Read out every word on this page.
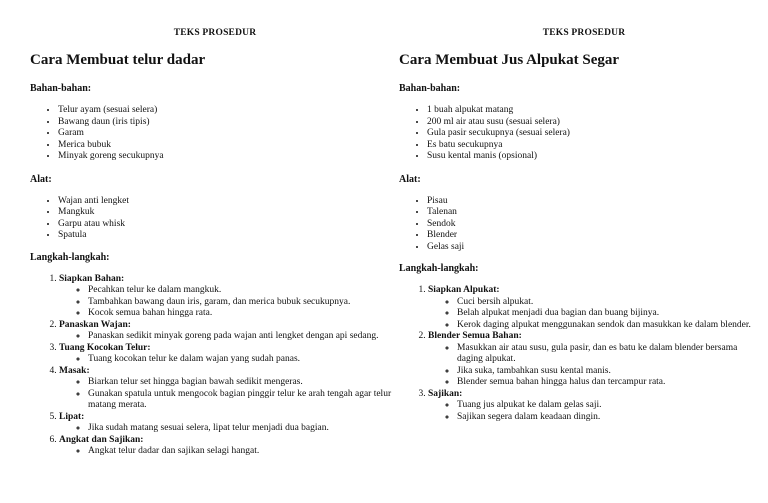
TEKS PROSEDUR
Cara Membuat telur dadar
Bahan-bahan:
• Telur ayam (sesuai selera)
• Bawang daun (iris tipis)
• Garam
• Merica bubuk
• Minyak goreng secukupnya
Alat:
• Wajan anti lengket
• Mangkuk
• Garpu atau whisk
• Spatula
Langkah-langkah:
1. Siapkan Bahan:
◦ Pecahkan telur ke dalam mangkuk.
◦ Tambahkan bawang daun iris, garam, dan merica bubuk secukupnya.
◦ Kocok semua bahan hingga rata.
2. Panaskan Wajan:
◦ Panaskan sedikit minyak goreng pada wajan anti lengket dengan api sedang.
3. Tuang Kocokan Telur:
◦ Tuang kocokan telur ke dalam wajan yang sudah panas.
4. Masak:
◦ Biarkan telur set hingga bagian bawah sedikit mengeras.
◦ Gunakan spatula untuk mengocok bagian pinggir telur ke arah tengah agar telur matang merata.
5. Lipat:
◦ Jika sudah matang sesuai selera, lipat telur menjadi dua bagian.
6. Angkat dan Sajikan:
◦ Angkat telur dadar dan sajikan selagi hangat.
TEKS PROSEDUR
Cara Membuat Jus Alpukat Segar
Bahan-bahan:
• 1 buah alpukat matang
• 200 ml air atau susu (sesuai selera)
• Gula pasir secukupnya (sesuai selera)
• Es batu secukupnya
• Susu kental manis (opsional)
Alat:
• Pisau
• Talenan
• Sendok
• Blender
• Gelas saji
Langkah-langkah:
1. Siapkan Alpukat:
◦ Cuci bersih alpukat.
◦ Belah alpukat menjadi dua bagian dan buang bijinya.
◦ Kerok daging alpukat menggunakan sendok dan masukkan ke dalam blender.
2. Blender Semua Bahan:
◦ Masukkan air atau susu, gula pasir, dan es batu ke dalam blender bersama daging alpukat.
◦ Jika suka, tambahkan susu kental manis.
◦ Blender semua bahan hingga halus dan tercampur rata.
3. Sajikan:
◦ Tuang jus alpukat ke dalam gelas saji.
◦ Sajikan segera dalam keadaan dingin.
